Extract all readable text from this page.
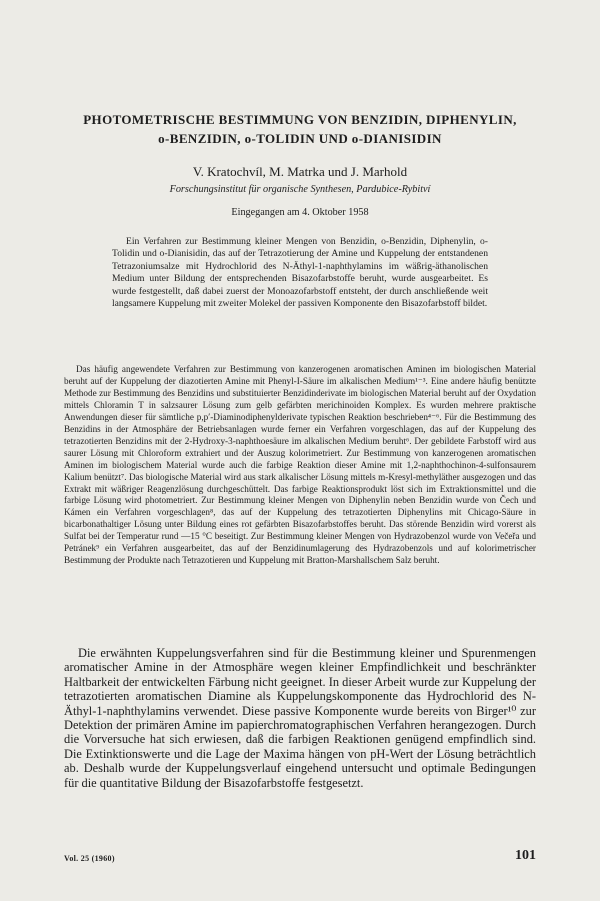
PHOTOMETRISCHE BESTIMMUNG VON BENZIDIN, DIPHENYLIN,
o-BENZIDIN, o-TOLIDIN UND o-DIANISIDIN
V. Kratochvíl, M. Matrka und J. Marhold
Forschungsinstitut für organische Synthesen, Pardubice-Rybitví
Eingegangen am 4. Oktober 1958

Ein Verfahren zur Bestimmung kleiner Mengen von Benzidin, o-Benzidin, Diphenylin, o-Tolidin und o-Dianisidin, das auf der Tetrazotierung der Amine und Kuppelung der entstandenen Tetrazoniumsalze mit Hydrochlorid des N-Äthyl-1-naphthylamins im wäßrig-äthanolischen Medium unter Bildung der entsprechenden Bisazofarbstoffe beruht, wurde ausgearbeitet. Es wurde festgestellt, daß dabei zuerst der Monoazofarbstoff entsteht, der durch anschließende weit langsamere Kuppelung mit zweiter Molekel der passiven Komponente den Bisazofarbstoff bildet.

Das häufig angewendete Verfahren zur Bestimmung von kanzerogenen aromatischen Aminen im biologischen Material beruht auf der Kuppelung der diazotierten Amine mit Phenyl-I-Säure im alkalischen Medium¹⁻³. Eine andere häufig benützte Methode zur Bestimmung des Benzidins und substituierter Benzidinderivate im biologischen Material beruht auf der Oxydation mittels Chloramin T in salzsaurer Lösung zum gelb gefärbten merichinoiden Komplex. Es wurden mehrere praktische Anwendungen dieser für sämtliche p,p′-Diaminodiphenylderivate typischen Reaktion beschrieben⁴⁻⁶. Für die Bestimmung des Benzidins in der Atmosphäre der Betriebsanlagen wurde ferner ein Verfahren vorgeschlagen, das auf der Kuppelung des tetrazotierten Benzidins mit der 2-Hydroxy-3-naphthoesäure im alkalischen Medium beruht⁶. Der gebildete Farbstoff wird aus saurer Lösung mit Chloroform extrahiert und der Auszug kolorimetriert. Zur Bestimmung von kanzerogenen aromatischen Aminen im biologischem Material wurde auch die farbige Reaktion dieser Amine mit 1,2-naphthochinon-4-sulfonsaurem Kalium benützt⁷. Das biologische Material wird aus stark alkalischer Lösung mittels m-Kresyl-methyläther ausgezogen und das Extrakt mit wäßriger Reagenzlösung durchgeschüttelt. Das farbige Reaktionsprodukt löst sich im Extraktionsmittel und die farbige Lösung wird photometriert. Zur Bestimmung kleiner Mengen von Diphenylin neben Benzidin wurde von Čech und Kámen ein Verfahren vorgeschlagen⁸, das auf der Kuppelung des tetrazotierten Diphenylins mit Chicago-Säure in bicarbonathaltiger Lösung unter Bildung eines rot gefärbten Bisazofarbstoffes beruht. Das störende Benzidin wird vorerst als Sulfat bei der Temperatur rund —15 °C beseitigt. Zur Bestimmung kleiner Mengen von Hydrazobenzol wurde von Večeřa und Petránek⁹ ein Verfahren ausgearbeitet, das auf der Benzidinumlagerung des Hydrazobenzols und auf kolorimetrischer Bestimmung der Produkte nach Tetrazotieren und Kuppelung mit Bratton-Marshallschem Salz beruht.

Die erwähnten Kuppelungsverfahren sind für die Bestimmung kleiner und Spurenmengen aromatischer Amine in der Atmosphäre wegen kleiner Empfindlichkeit und beschränkter Haltbarkeit der entwickelten Färbung nicht geeignet. In dieser Arbeit wurde zur Kuppelung der tetrazotierten aromatischen Diamine als Kuppelungskomponente das Hydrochlorid des N-Äthyl-1-naphthylamins verwendet. Diese passive Komponente wurde bereits von Birger¹⁰ zur Detektion der primären Amine im papierchromatographischen Verfahren herangezogen. Durch die Vorversuche hat sich erwiesen, daß die farbigen Reaktionen genügend empfindlich sind. Die Extinktionswerte und die Lage der Maxima hängen von pH-Wert der Lösung beträchtlich ab. Deshalb wurde der Kuppelungsverlauf eingehend untersucht und optimale Bedingungen für die quantitative Bildung der Bisazofarbstoffe festgesetzt.

Vol. 25 (1960)	101
